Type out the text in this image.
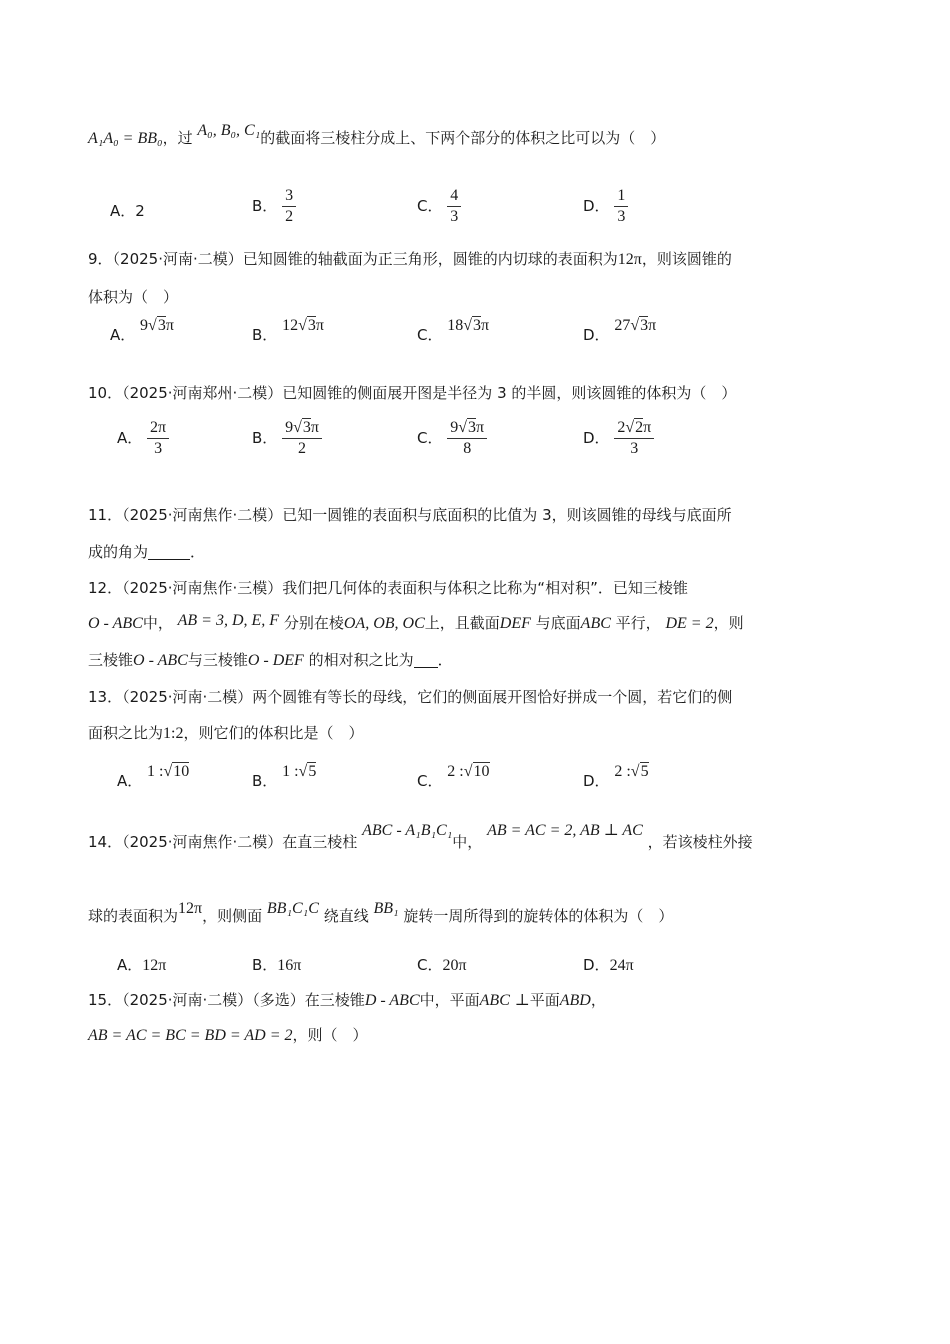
A₁A₀ = BB₀，过 A₀, B₀, C₁的截面将三棱柱分成上、下两个部分的体积之比可以为（　）
A．2	B． $\frac{3}{2}$	C． $\frac{4}{3}$	D． $\frac{1}{3}$
9．（2025·河南·二模）已知圆锥的轴截面为正三角形，圆锥的内切球的表面积为12π，则该圆锥的
体积为（　）
A． 9√3π
B． 12√3π
C． 18√3π
D． 27√3π
10．（2025·河南郑州·二模）已知圆锥的侧面展开图是半径为 3 的半圆，则该圆锥的体积为（　）
A． $\frac{2\pi}{3}$	B． $\frac{9√3\pi}{2}$	C． $\frac{9√3\pi}{8}$	D． $\frac{2√2\pi}{3}$
11．（2025·河南焦作·二模）已知一圆锥的表面积与底面积的比值为 3，则该圆锥的母线与底面所
成的角为	．
12．（2025·河南焦作·三模）我们把几何体的表面积与体积之比称为“相对积”．已知三棱锥
O - ABC中， AB = 3, D, E, F 分别在棱OA, OB, OC上，且截面DEF 与底面ABC 平行， DE = 2，则
三棱锥O - ABC与三棱锥O - DEF 的相对积之比为 ．
13．（2025·河南·二模）两个圆锥有等长的母线，它们的侧面展开图恰好拼成一个圆，若它们的侧
面积之比为1:2，则它们的体积比是（　）
A． 1 :√10
B． 1 :√5
C． 2 :√10
D． 2 :√5
14．（2025·河南焦作·二模）在直三棱柱 ABC - A₁B₁C₁中， AB = AC = 2, AB ⊥ AC ，若该棱柱外接
球的表面积为12π，则侧面 BB₁C₁C 绕直线 BB₁ 旋转一周所得到的旋转体的体积为（　）
A．12π	B．16π	C．20π	D．24π
15．（2025·河南·二模）（多选）在三棱锥D - ABC中，平面ABC ⊥平面ABD，
AB = AC = BC = BD = AD = 2，则（　）
